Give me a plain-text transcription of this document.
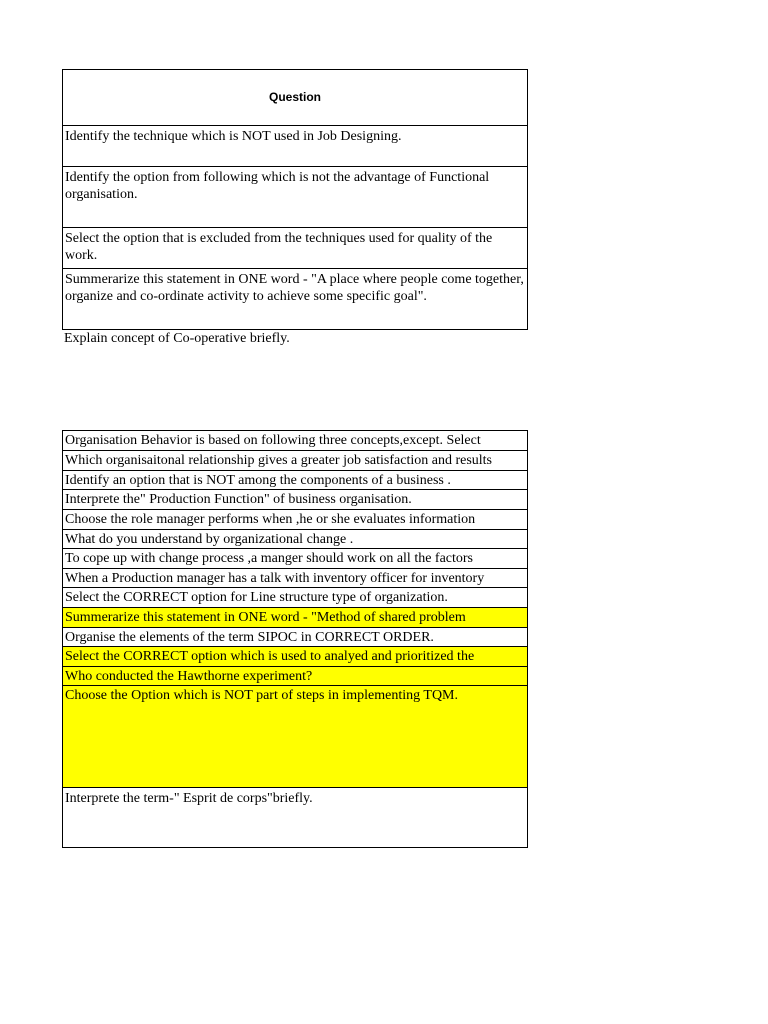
Question
Identify the technique which is NOT used in Job Designing.
Identify the option from following which is not the advantage of Functional organisation.
Select the option that is excluded from the techniques used for quality of the work.
Summerarize this statement in ONE word - "A place where people come together, organize and co-ordinate activity to achieve some specific goal".
Explain concept of Co-operative briefly.
Organisation Behavior is based on following three concepts,except. Select
Which organisaitonal relationship gives a greater job satisfaction and results
Identify an option that is NOT among the components of a business .
Interprete the" Production Function" of business organisation.
Choose the role manager performs when ,he or she evaluates information
What do you understand by organizational change .
To cope up with change process ,a manger should work on all the factors
When a Production manager has a talk with inventory officer for inventory
Select the CORRECT option for Line structure type of organization.
Summerarize this statement in ONE word - "Method of shared problem
Organise the elements of the term SIPOC in CORRECT ORDER.
Select the CORRECT option which is used to analyed and prioritized the
Who conducted the Hawthorne experiment?
Choose the Option which is NOT part of steps in implementing TQM.
Interprete the term-" Esprit de corps"briefly.
